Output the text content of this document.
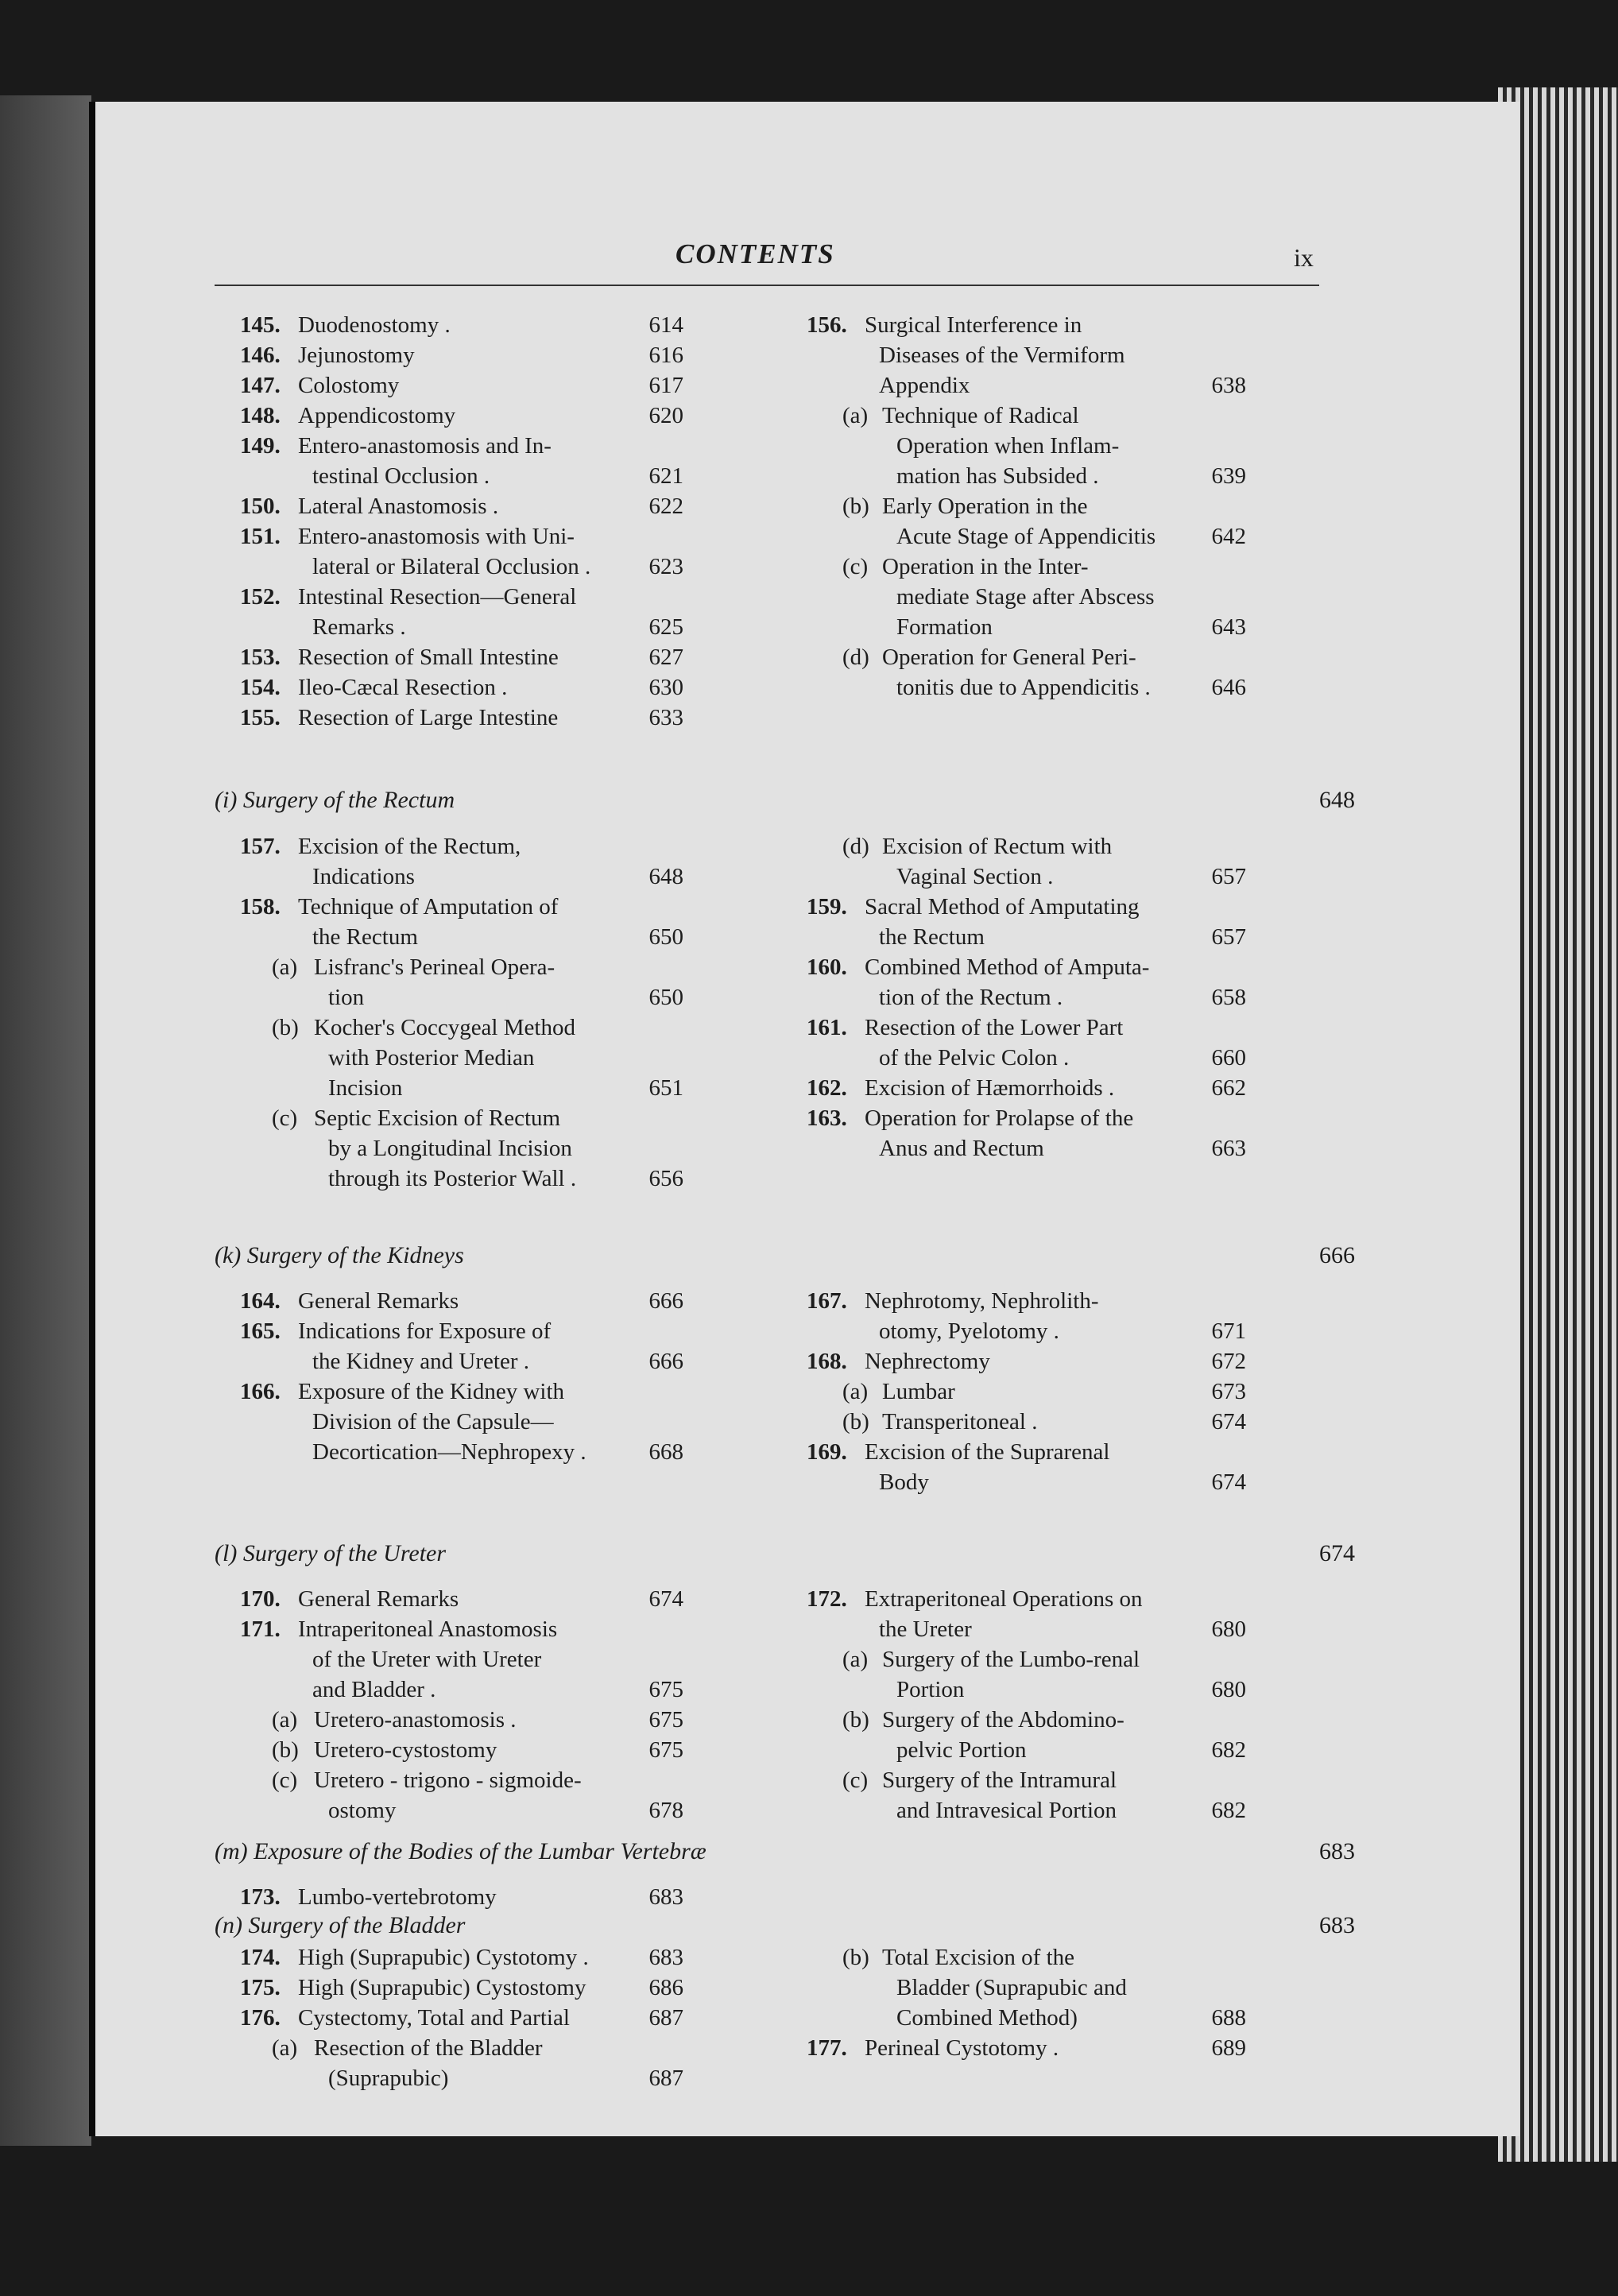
CONTENTS	ix
145. Duodenostomy .	614
146. Jejunostomy	616
147. Colostomy	617
148. Appendicostomy	620
149. Entero-anastomosis and In-
testinal Occlusion .	621
150. Lateral Anastomosis .	622
151. Entero-anastomosis with Uni-
lateral or Bilateral Occlusion .	623
152. Intestinal Resection—General
Remarks .	625
153. Resection of Small Intestine	627
154. Ileo-Cæcal Resection .	630
155. Resection of Large Intestine	633
156. Surgical Interference in
Diseases of the Vermiform
Appendix	638
(a) Technique of Radical
Operation when Inflam-
mation has Subsided .	639
(b) Early Operation in the
Acute Stage of Appendicitis	642
(c) Operation in the Inter-
mediate Stage after Abscess
Formation	643
(d) Operation for General Peri-
tonitis due to Appendicitis .	646
(i) Surgery of the Rectum	648
157. Excision of the Rectum,
Indications	648
158. Technique of Amputation of
the Rectum	650
(a) Lisfranc's Perineal Opera-
tion	650
(b) Kocher's Coccygeal Method
with Posterior Median
Incision	651
(c) Septic Excision of Rectum
by a Longitudinal Incision
through its Posterior Wall .	656
(d) Excision of Rectum with
Vaginal Section .	657
159. Sacral Method of Amputating
the Rectum	657
160. Combined Method of Amputa-
tion of the Rectum .	658
161. Resection of the Lower Part
of the Pelvic Colon .	660
162. Excision of Hæmorrhoids .	662
163. Operation for Prolapse of the
Anus and Rectum	663
(k) Surgery of the Kidneys	666
164. General Remarks	666
165. Indications for Exposure of
the Kidney and Ureter .	666
166. Exposure of the Kidney with
Division of the Capsule—
Decortication—Nephropexy .	668
167. Nephrotomy, Nephrolith-
otomy, Pyelotomy .	671
168. Nephrectomy	672
(a) Lumbar	673
(b) Transperitoneal .	674
169. Excision of the Suprarenal
Body	674
(l) Surgery of the Ureter	674
170. General Remarks	674
171. Intraperitoneal Anastomosis
of the Ureter with Ureter
and Bladder .	675
(a) Uretero-anastomosis .	675
(b) Uretero-cystostomy	675
(c) Uretero - trigono - sigmoide-
ostomy	678
172. Extraperitoneal Operations on
the Ureter	680
(a) Surgery of the Lumbo-renal
Portion	680
(b) Surgery of the Abdomino-
pelvic Portion	682
(c) Surgery of the Intramural
and Intravesical Portion	682
(m) Exposure of the Bodies of the Lumbar Vertebræ	683
173. Lumbo-vertebrotomy	683
(n) Surgery of the Bladder	683
174. High (Suprapubic) Cystotomy .	683
175. High (Suprapubic) Cystostomy	686
176. Cystectomy, Total and Partial	687
(a) Resection of the Bladder
(Suprapubic)	687
(b) Total Excision of the
Bladder (Suprapubic and
Combined Method)	688
177. Perineal Cystotomy .	689
